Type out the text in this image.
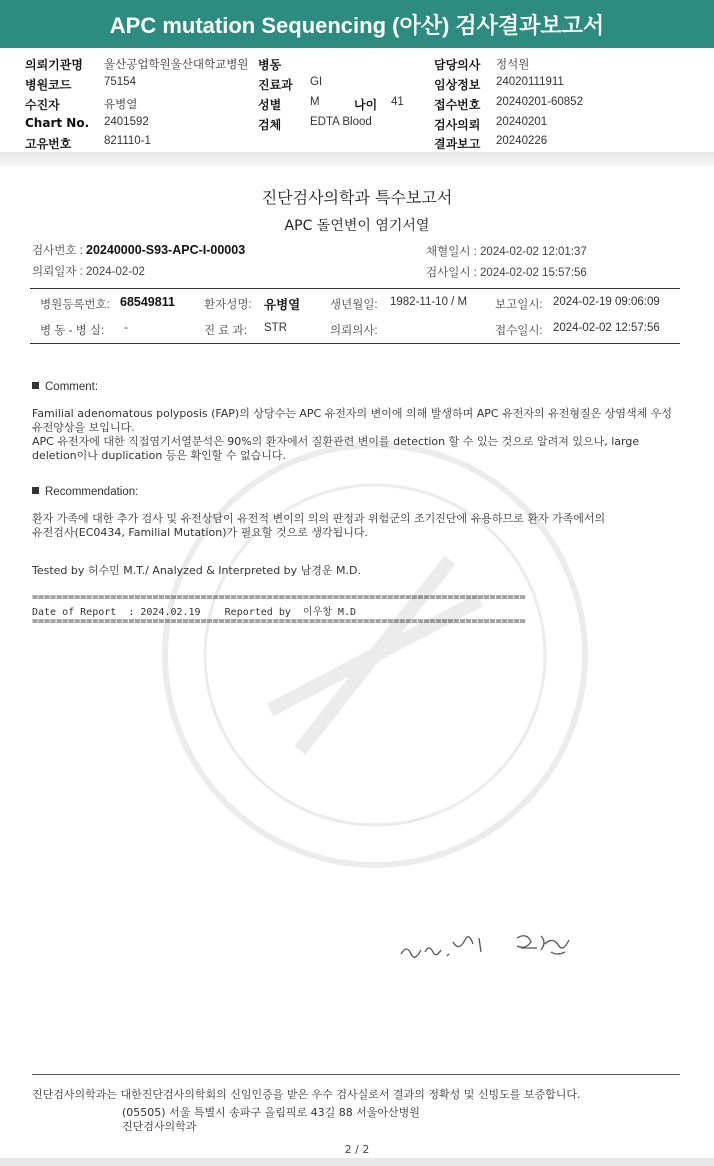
APC mutation Sequencing (아산) 검사결과보고서
의뢰기관명 울산공업학원울산대학교병원 병동	담당의사 정석원
병원코드	75154	진료과 GI	임상정보 24020111911
수진자	유병열	성별	M	나이 41	접수번호 20240201-60852
Chart No. 2401592	검체	EDTA Blood	검사의뢰 20240201
고유번호	821110-1	결과보고 20240226
진단검사의학과 특수보고서
APC 돌연변이 염기서열
검사번호 : 20240000-S93-APC-I-00003	채혈일시 : 2024-02-02 12:01:37
의뢰일자 : 2024-02-02	검사일시 : 2024-02-02 15:57:56
병원등록번호: 68549811	환자성명: 유병열	생년월일: 1982-11-10 / M 보고일시: 2024-02-19 09:06:09
병 동 - 병 실: -	진 료 과: STR	의뢰의사:	접수일시: 2024-02-02 12:57:56
Comment:
Familial adenomatous polyposis (FAP)의 상당수는 APC 유전자의 변이에 의해 발생하며 APC 유전자의 유전형질은 상염색체 우성
유전양상을 보입니다.
APC 유전자에 대한 직접염기서열분석은 90%의 환자에서 질환관련 변이를 detection 할 수 있는 것으로 알려져 있으나, large
deletion이나 duplication 등은 확인할 수 없습니다.
Recommendation:
환자 가족에 대한 추가 검사 및 유전상담이 유전적 변이의 의의 판정과 위험군의 조기진단에 유용하므로 환자 가족에서의
유전검사(EC0434, Familial Mutation)가 필요할 것으로 생각됩니다.
Tested by 허수민 M.T./ Analyzed & Interpreted by 남경운 M.D.
==================================================================================
Date of Report  : 2024.02.19    Reported by  이우창 M.D
==================================================================================
진단검사의학과는 대한진단검사의학회의 신임인증을 받은 우수 검사실로서 결과의 정확성 및 신빙도를 보증합니다.
(05505) 서울 특별시 송파구 올림픽로 43길 88 서울아산병원
진단검사의학과
2 / 2
